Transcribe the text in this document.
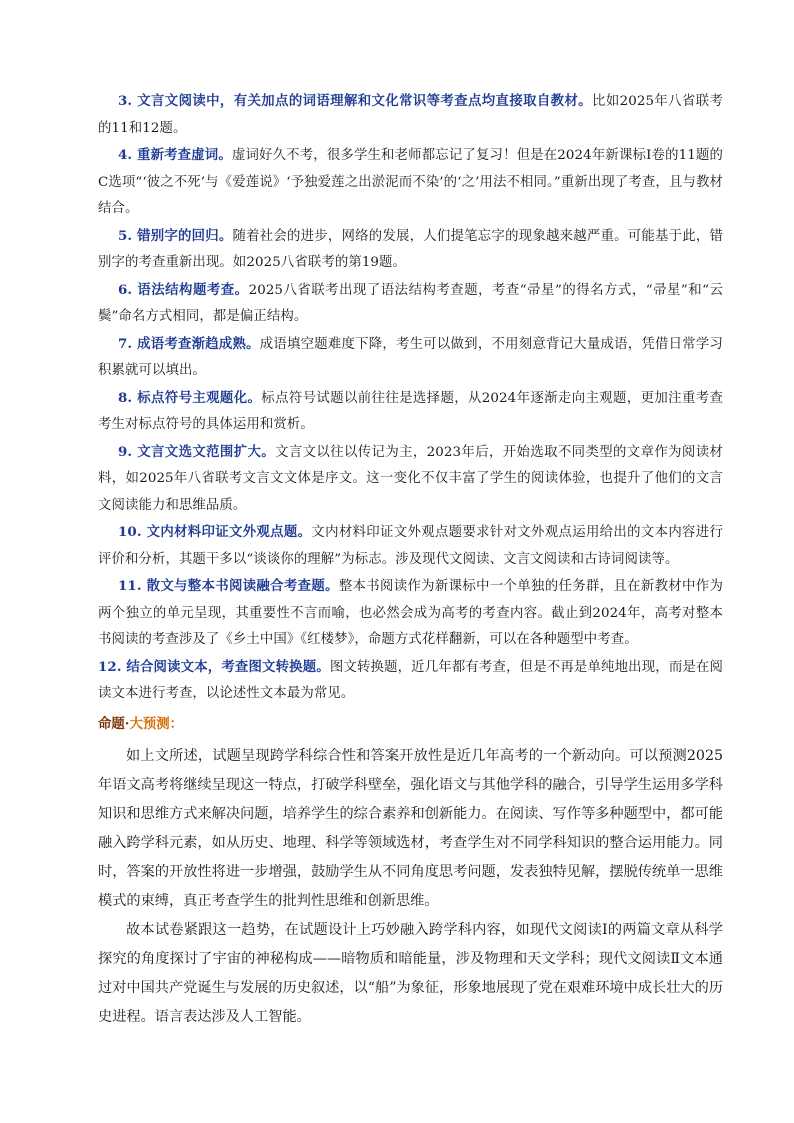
3. 文言文阅读中，有关加点的词语理解和文化常识等考查点均直接取自教材。比如2025年八省联考的11和12题。

4. 重新考查虚词。虚词好久不考，很多学生和老师都忘记了复习！但是在2024年新课标Ⅰ卷的11题的C选项“‘彼之不死’与《爱莲说》‘予独爱莲之出淤泥而不染’的‘之’用法不相同。”重新出现了考查，且与教材结合。

5. 错别字的回归。随着社会的进步，网络的发展，人们提笔忘字的现象越来越严重。可能基于此，错别字的考查重新出现。如2025八省联考的第19题。

6. 语法结构题考查。2025八省联考出现了语法结构考查题，考查“帚星”的得名方式，“帚星”和“云鬓”命名方式相同，都是偏正结构。

7. 成语考查渐趋成熟。成语填空题难度下降，考生可以做到，不用刻意背记大量成语，凭借日常学习积累就可以填出。

8. 标点符号主观题化。标点符号试题以前往往是选择题，从2024年逐渐走向主观题，更加注重考查考生对标点符号的具体运用和赏析。

9. 文言文选文范围扩大。文言文以往以传记为主，2023年后，开始选取不同类型的文章作为阅读材料，如2025年八省联考文言文文体是序文。这一变化不仅丰富了学生的阅读体验，也提升了他们的文言文阅读能力和思维品质。

10. 文内材料印证文外观点题。文内材料印证文外观点题要求针对文外观点运用给出的文本内容进行评价和分析，其题干多以“谈谈你的理解”为标志。涉及现代文阅读、文言文阅读和古诗词阅读等。

11. 散文与整本书阅读融合考查题。整本书阅读作为新课标中一个单独的任务群，且在新教材中作为两个独立的单元呈现，其重要性不言而喻，也必然会成为高考的考查内容。截止到2024年，高考对整本书阅读的考查涉及了《乡土中国》《红楼梦》，命题方式花样翻新，可以在各种题型中考查。

12. 结合阅读文本，考查图文转换题。图文转换题，近几年都有考查，但是不再是单纯地出现，而是在阅读文本进行考查，以论述性文本最为常见。

命题·大预测：

如上文所述，试题呈现跨学科综合性和答案开放性是近几年高考的一个新动向。可以预测2025年语文高考将继续呈现这一特点，打破学科壁垒，强化语文与其他学科的融合，引导学生运用多学科知识和思维方式来解决问题，培养学生的综合素养和创新能力。在阅读、写作等多种题型中，都可能融入跨学科元素，如从历史、地理、科学等领域选材，考查学生对不同学科知识的整合运用能力。同时，答案的开放性将进一步增强，鼓励学生从不同角度思考问题，发表独特见解，摆脱传统单一思维模式的束缚，真正考查学生的批判性思维和创新思维。

故本试卷紧跟这一趋势，在试题设计上巧妙融入跨学科内容，如现代文阅读Ⅰ的两篇文章从科学探究的角度探讨了宇宙的神秘构成——暗物质和暗能量，涉及物理和天文学科；现代文阅读Ⅱ文本通过对中国共产党诞生与发展的历史叙述，以“船”为象征，形象地展现了党在艰难环境中成长壮大的历史进程。语言表达涉及人工智能。
